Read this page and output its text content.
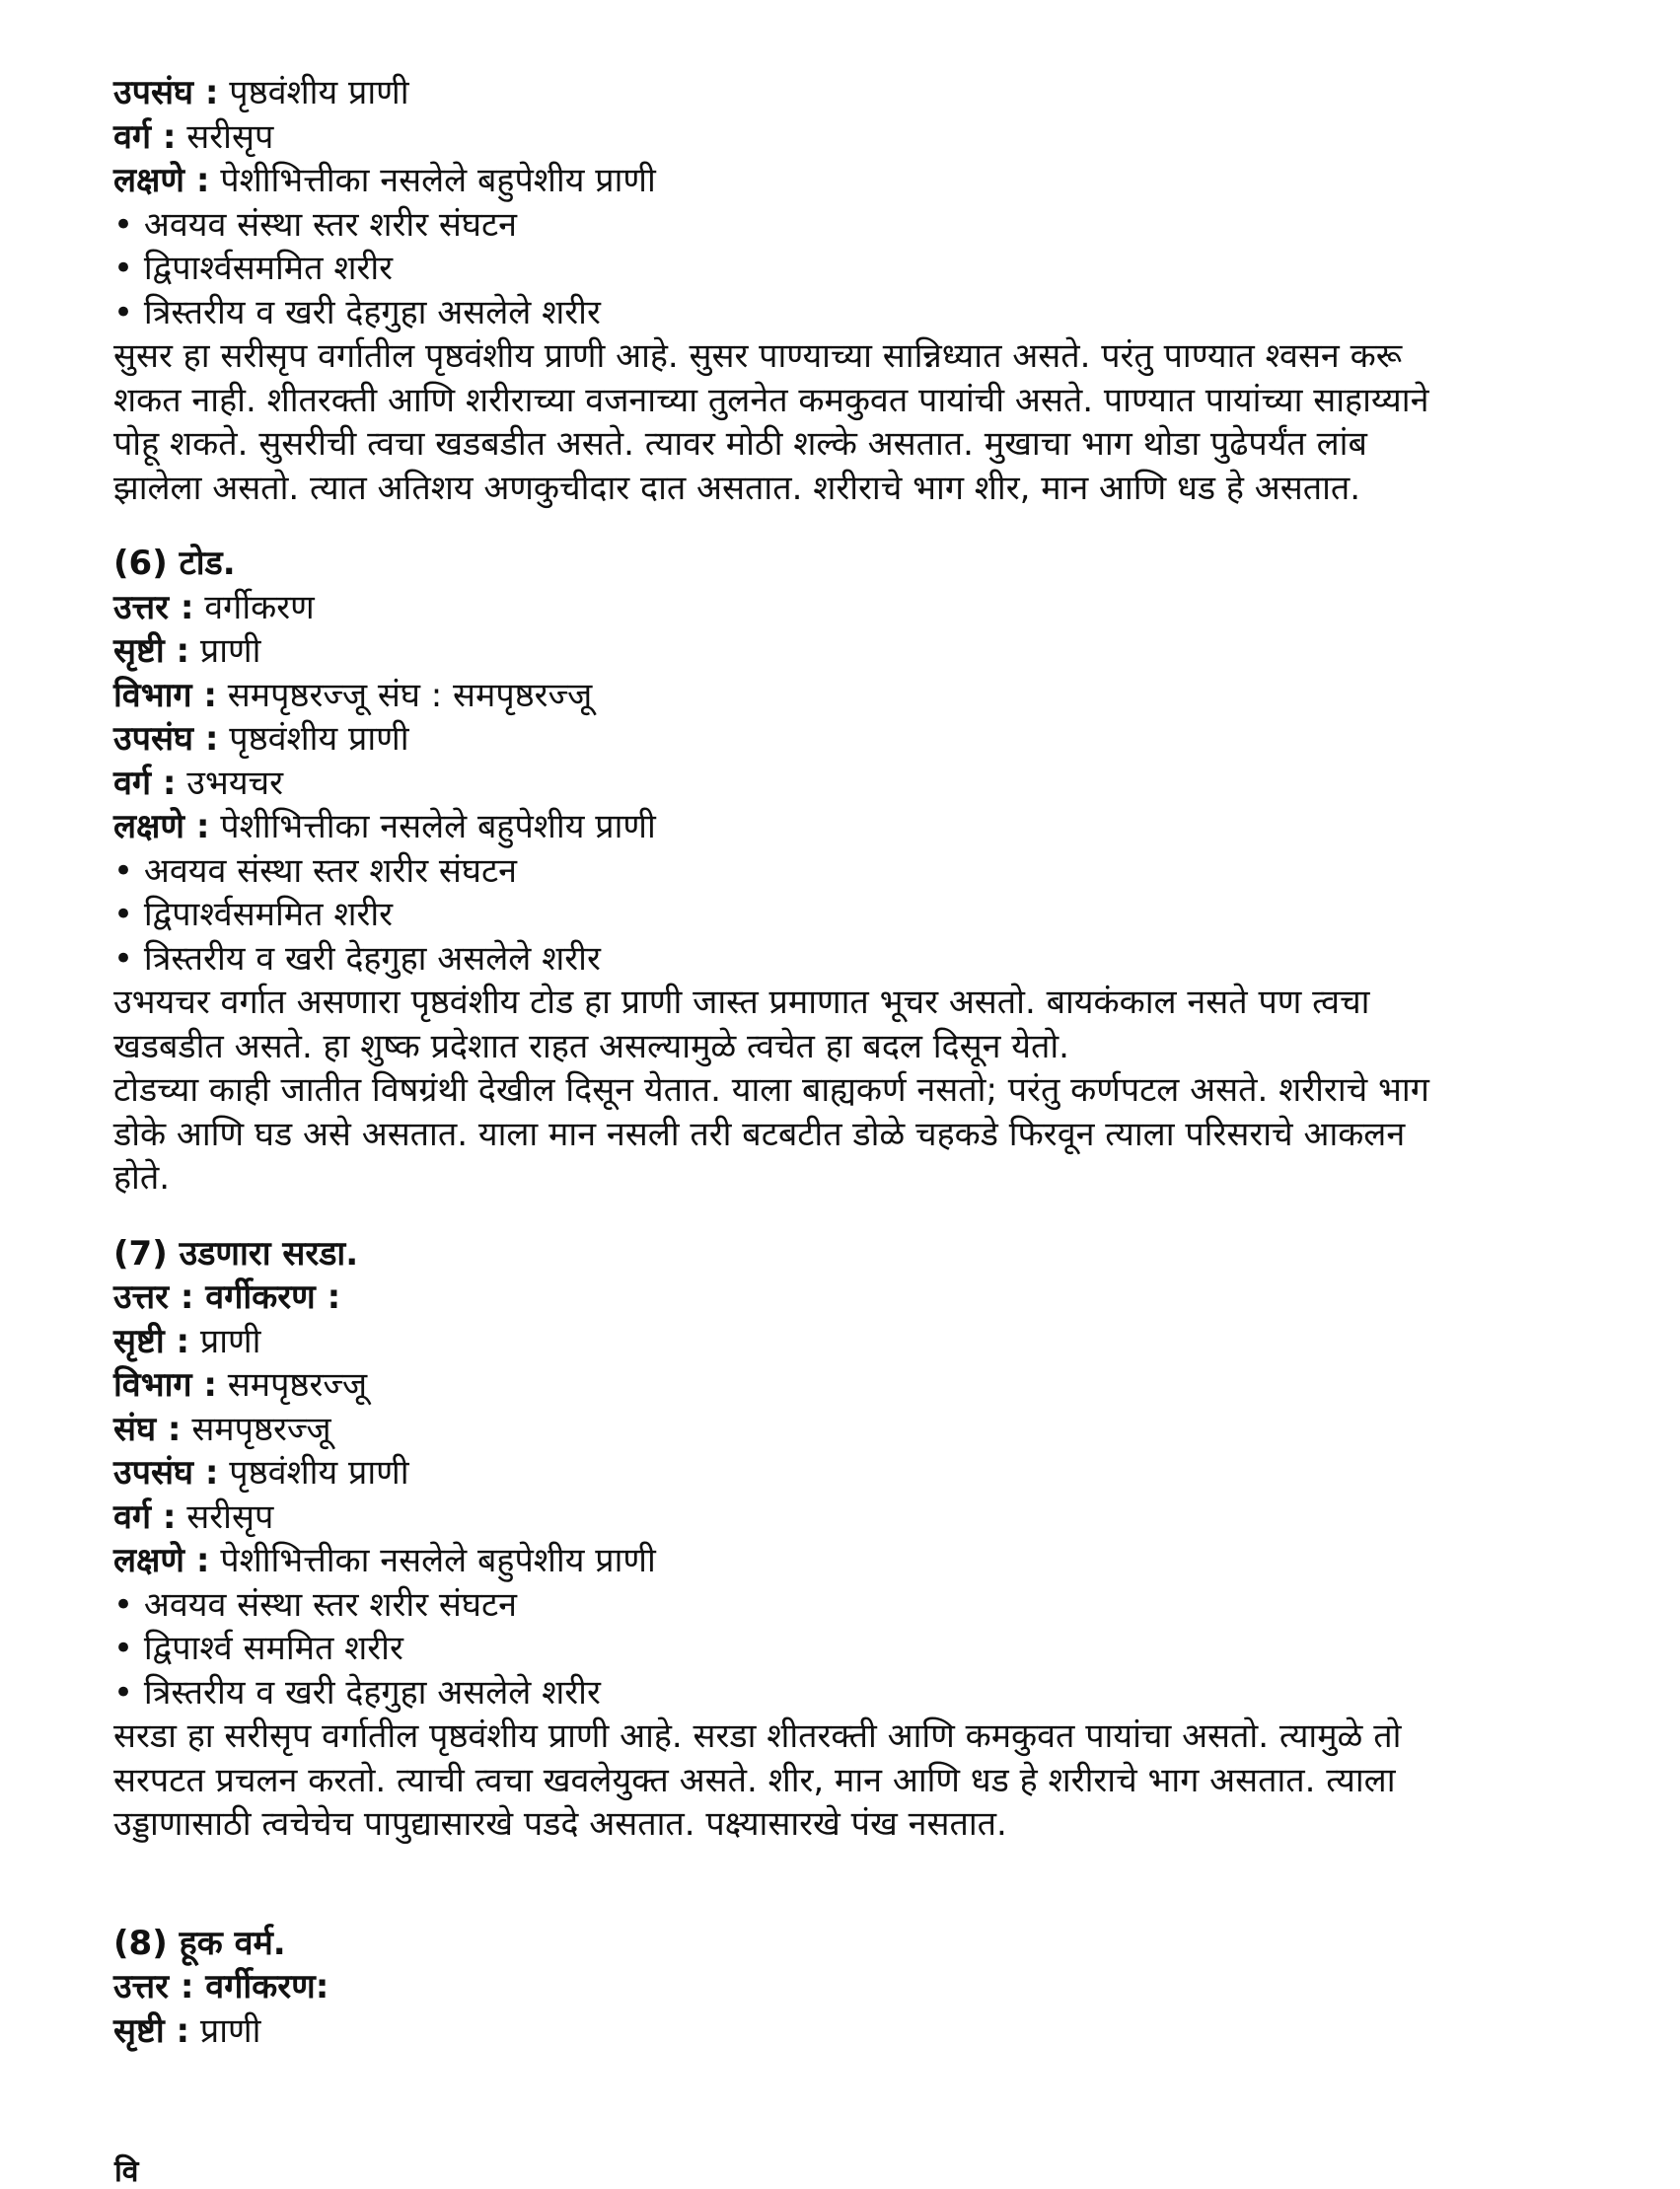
उपसंघ : पृष्ठवंशीय प्राणी
वर्ग : सरीसृप
लक्षणे : पेशीभित्तीका नसलेले बहुपेशीय प्राणी
• अवयव संस्था स्तर शरीर संघटन
• द्विपार्श्वसममित शरीर
• त्रिस्तरीय व खरी देहगुहा असलेले शरीर
सुसर हा सरीसृप वर्गातील पृष्ठवंशीय प्राणी आहे. सुसर पाण्याच्या सान्निध्यात असते. परंतु पाण्यात श्वसन करू
शकत नाही. शीतरक्ती आणि शरीराच्या वजनाच्या तुलनेत कमकुवत पायांची असते. पाण्यात पायांच्या साहाय्याने
पोहू शकते. सुसरीची त्वचा खडबडीत असते. त्यावर मोठी शल्के असतात. मुखाचा भाग थोडा पुढेपर्यंत लांब
झालेला असतो. त्यात अतिशय अणकुचीदार दात असतात. शरीराचे भाग शीर, मान आणि धड हे असतात.
(6) टोड.
उत्तर : वर्गीकरण
सृष्टी : प्राणी
विभाग : समपृष्ठरज्जू संघ : समपृष्ठरज्जू
उपसंघ : पृष्ठवंशीय प्राणी
वर्ग : उभयचर
लक्षणे : पेशीभित्तीका नसलेले बहुपेशीय प्राणी
• अवयव संस्था स्तर शरीर संघटन
• द्विपार्श्वसममित शरीर
• त्रिस्तरीय व खरी देहगुहा असलेले शरीर
उभयचर वर्गात असणारा पृष्ठवंशीय टोड हा प्राणी जास्त प्रमाणात भूचर असतो. बायकंकाल नसते पण त्वचा
खडबडीत असते. हा शुष्क प्रदेशात राहत असल्यामुळे त्वचेत हा बदल दिसून येतो.
टोडच्या काही जातीत विषग्रंथी देखील दिसून येतात. याला बाह्यकर्ण नसतो; परंतु कर्णपटल असते. शरीराचे भाग
डोके आणि घड असे असतात. याला मान नसली तरी बटबटीत डोळे चहकडे फिरवून त्याला परिसराचे आकलन
होते.
(7) उडणारा सरडा.
उत्तर : वर्गीकरण :
सृष्टी : प्राणी
विभाग : समपृष्ठरज्जू
संघ : समपृष्ठरज्जू
उपसंघ : पृष्ठवंशीय प्राणी
वर्ग : सरीसृप
लक्षणे : पेशीभित्तीका नसलेले बहुपेशीय प्राणी
• अवयव संस्था स्तर शरीर संघटन
• द्विपार्श्व सममित शरीर
• त्रिस्तरीय व खरी देहगुहा असलेले शरीर
सरडा हा सरीसृप वर्गातील पृष्ठवंशीय प्राणी आहे. सरडा शीतरक्ती आणि कमकुवत पायांचा असतो. त्यामुळे तो
सरपटत प्रचलन करतो. त्याची त्वचा खवलेयुक्त असते. शीर, मान आणि धड हे शरीराचे भाग असतात. त्याला
उड्डाणासाठी त्वचेचेच पापुद्यासारखे पडदे असतात. पक्ष्यासारखे पंख नसतात.
(8) हूक वर्म.
उत्तर : वर्गीकरण:
सृष्टी : प्राणी
वि
